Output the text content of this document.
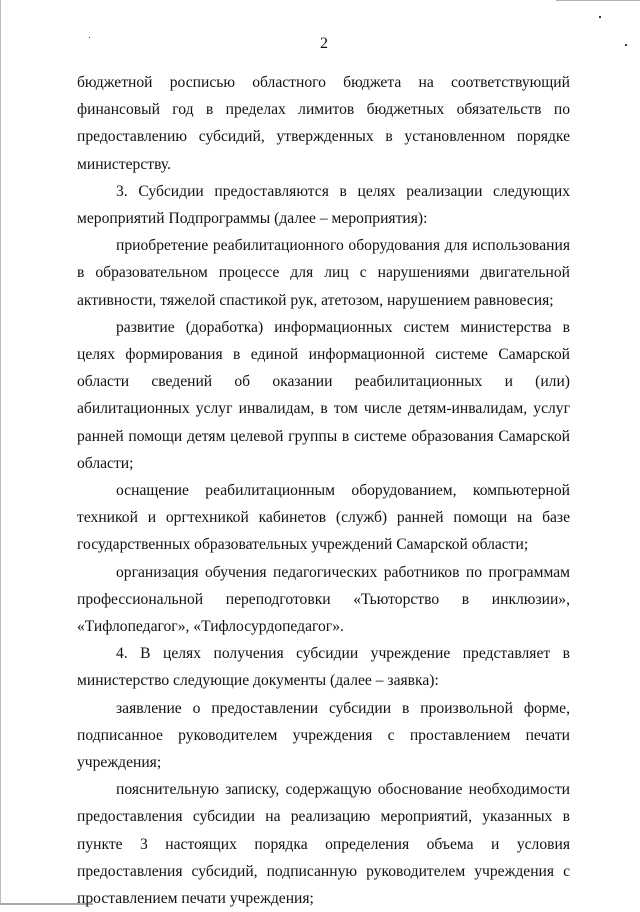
2

бюджетной росписью областного бюджета на соответствующий финансовый год в пределах лимитов бюджетных обязательств по предоставлению субсидий, утвержденных в установленном порядке министерству.

3. Субсидии предоставляются в целях реализации следующих мероприятий Подпрограммы (далее – мероприятия):

приобретение реабилитационного оборудования для использования в образовательном процессе для лиц с нарушениями двигательной активности, тяжелой спастикой рук, атетозом, нарушением равновесия;

развитие (доработка) информационных систем министерства в целях формирования в единой информационной системе Самарской области сведений об оказании реабилитационных и (или) абилитационных услуг инвалидам, в том числе детям-инвалидам, услуг ранней помощи детям целевой группы в системе образования Самарской области;

оснащение реабилитационным оборудованием, компьютерной техникой и оргтехникой кабинетов (служб) ранней помощи на базе государственных образовательных учреждений Самарской области;

организация обучения педагогических работников по программам профессиональной переподготовки «Тьюторство в инклюзии», «Тифлопедагог», «Тифлосурдопедагог».

4. В целях получения субсидии учреждение представляет в министерство следующие документы (далее – заявка):

заявление о предоставлении субсидии в произвольной форме, подписанное руководителем учреждения с проставлением печати учреждения;

пояснительную записку, содержащую обоснование необходимости предоставления субсидии на реализацию мероприятий, указанных в пункте 3 настоящих порядка определения объема и условия предоставления субсидий, подписанную руководителем учреждения с проставлением печати учреждения;
